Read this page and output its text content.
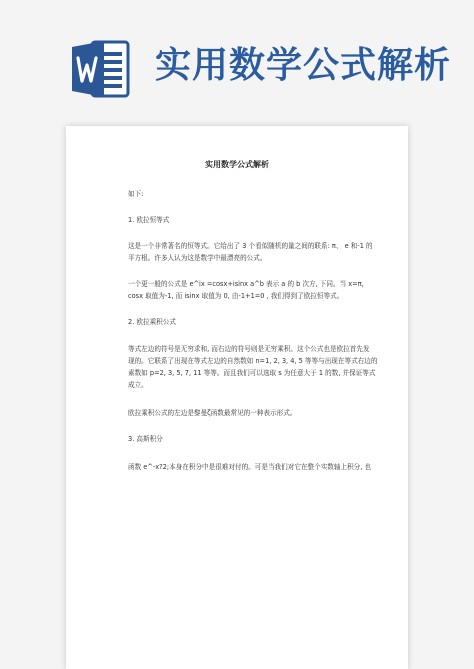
实用数学公式解析
实用数学公式解析
如下:
1. 欧拉恒等式
这是一个非常著名的恒等式。它给出了 3 个看似随机的量之间的联系: π、 e 和-1 的
平方根。许多人认为这是数学中最漂亮的公式。
一个更一般的公式是 e^ix =cosx+isinx a^b 表示 a 的 b 次方, 下同。当 x=π,
cosx 取值为-1, 而 isinx 取值为 0, 由-1+1=0 , 我们得到了欧拉恒等式。
2. 欧拉乘积公式
等式左边的符号是无穷求和, 而右边的符号则是无穷乘积。这个公式也是欧拉首先发
现的。它联系了出现在等式左边的自然数如 n=1, 2, 3, 4, 5 等等与出现在等式右边的
素数如 p=2, 3, 5, 7, 11 等等。而且我们可以选取 s 为任意大于 1 的数, 并保证等式
成立。
欧拉乘积公式的左边是黎曼ζ函数最常见的一种表示形式。
3. 高斯积分
函数 e^-x?2;本身在积分中是很难对付的。可是当我们对它在整个实数轴上积分, 也
